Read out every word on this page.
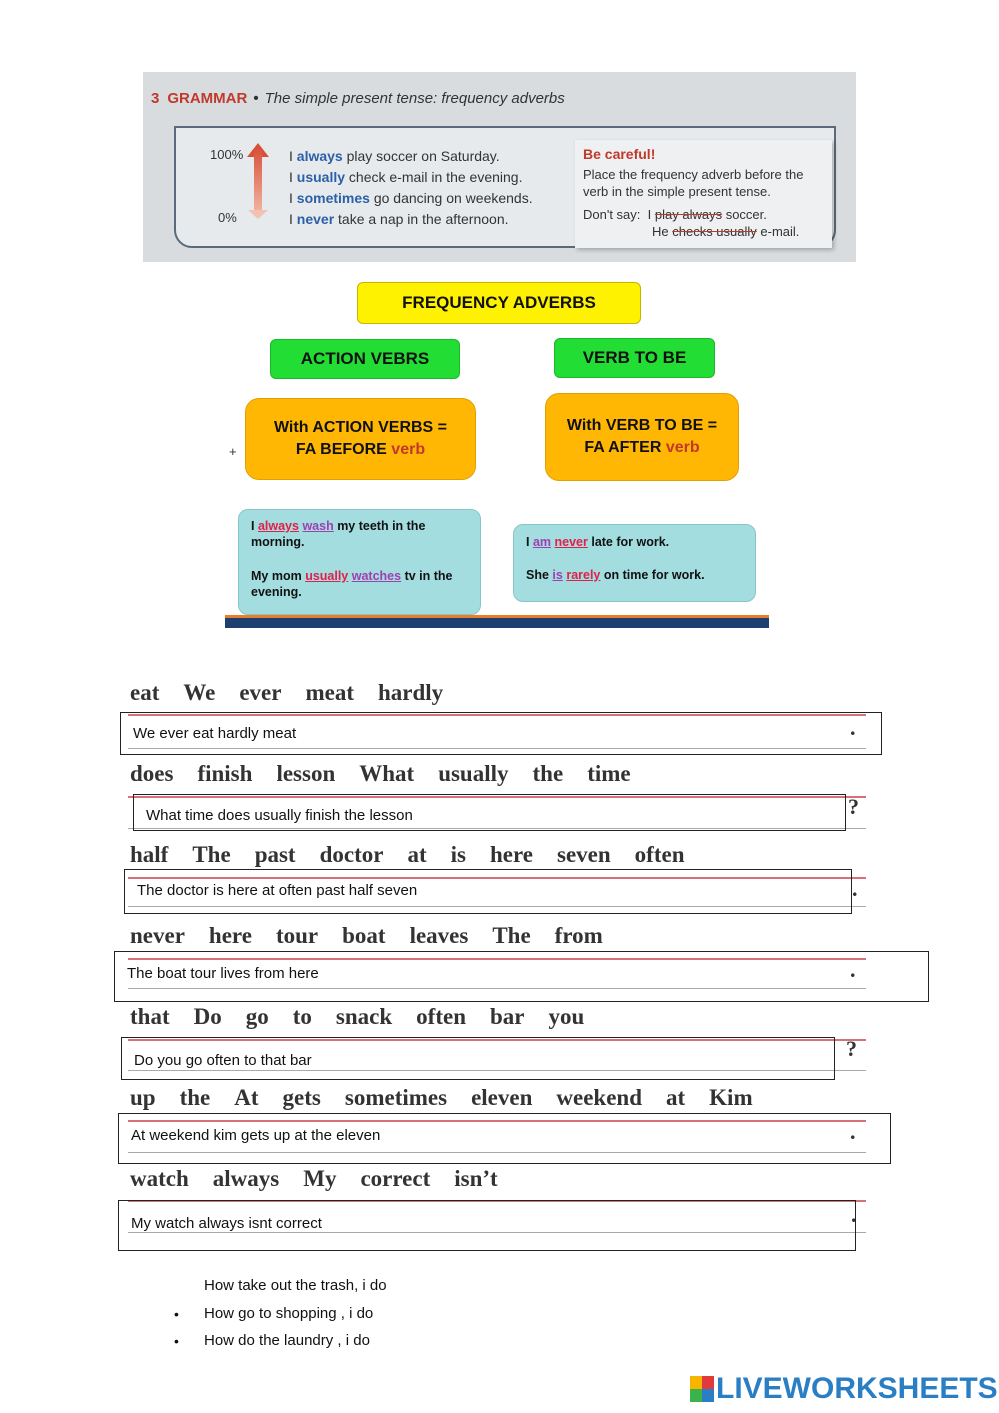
3 GRAMMAR • The simple present tense: frequency adverbs
100%
0%
I always play soccer on Saturday.
I usually check e-mail in the evening.
I sometimes go dancing on weekends.
I never take a nap in the afternoon.
Be careful!
Place the frequency adverb before the verb in the simple present tense.
Don't say: I play always soccer.
He checks usually e-mail.
FREQUENCY ADVERBS
ACTION VEBRS	VERB TO BE
+
With ACTION VERBS =
FA BEFORE verb
With VERB TO BE =
FA AFTER verb
I always wash my teeth in the morning.
My mom usually watches tv in the evening.
I am never late for work.
She is rarely on time for work.
eat We ever meat hardly
.
We ever eat hardly meat
does finish lesson What usually the time
?
What time does usually finish the lesson
half The past doctor at is here seven often
.
The doctor is here at often past half seven
never here tour boat leaves The from
.
The boat tour lives from here
that Do go to snack often bar you
?
Do you go often to that bar
up the At gets sometimes eleven weekend at Kim
.
At weekend kim gets up at the eleven
watch always My correct isn’t
.
My watch always isnt correct
How take out the trash, i do
• How go to shopping , i do
• How do the laundry , i do
LIVEWORKSHEETS
